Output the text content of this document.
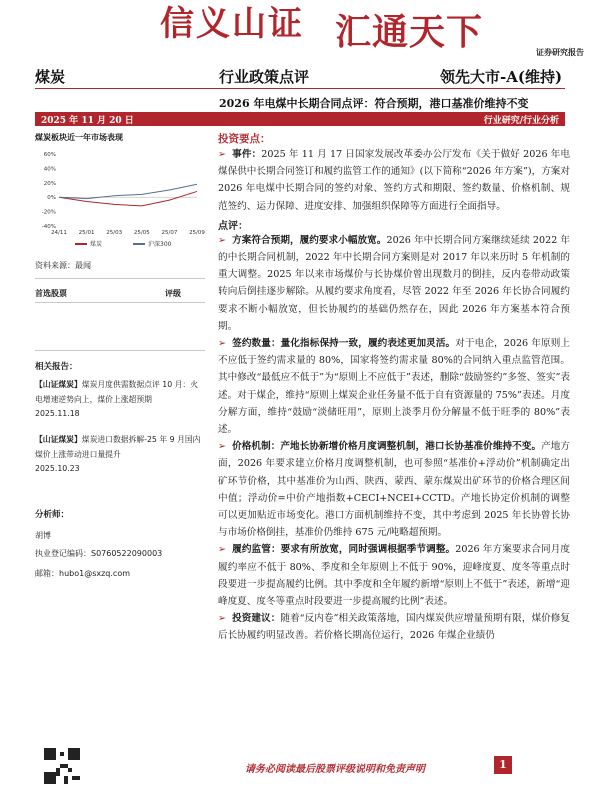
信义山证 汇通天下	证券研究报告
煤炭	行业政策点评	领先大市-A(维持)
2026 年电煤中长期合同点评：符合预期，港口基准价维持不变
2025 年 11 月 20 日	行业研究/行业分析
煤炭板块近一年市场表现
60%
40%
20%
0%
-20%
-40%
24/11 25/01 25/03 25/05 25/07 25/09
煤炭	沪深300
资料来源：最闻
首选股票	评级
相关报告：
【山证煤炭】煤炭月度供需数据点评 10 月：火电增速逆势向上，煤价上涨超预期
2025.11.18
【山证煤炭】煤炭进口数据拆解-25 年 9 月国内煤价上涨带动进口量提升
2025.10.23
分析师：
胡博
执业登记编码：S0760522090003
邮箱：hubo1@sxzq.com
投资要点：

➢ 事件：2025 年 11 月 17 日国家发展改革委办公厅发布《关于做好 2026 年电煤保供中长期合同签订和履约监管工作的通知》(以下简称“2026 年方案”)，方案对 2026 年电煤中长期合同的签约对象、签约方式和期限、签约数量、价格机制、规范签约、运力保障、进度安排、加强组织保障等方面进行全面指导。

点评：

➢ 方案符合预期，履约要求小幅放宽。2026 年中长期合同方案继续延续 2022 年的中长期合同机制，2022 年中长期合同方案则是对 2017 年以来历时 5 年机制的重大调整。2025 年以来市场煤价与长协煤价曾出现数月的倒挂，反内卷带动政策转向后倒挂逐步解除。从履约要求角度看，尽管 2022 年至 2026 年长协合同履约要求不断小幅放宽，但长协履约的基础仍然存在，因此 2026 年方案基本符合预期。

➢ 签约数量：量化指标保持一致，履约表述更加灵活。对于电企，2026 年原则上不应低于签约需求量的 80%，国家将签约需求量 80%的合同纳入重点监管范围。其中修改“最低应不低于”为“原则上不应低于”表述，删除“鼓励签约”多签、签实”表述。对于煤企，维持“原则上煤炭企业任务量不低于自有资源量的 75%”表述。月度分解方面，维持“鼓励“淡储旺用”，原则上淡季月份分解量不低于旺季的 80%”表述。

➢ 价格机制：产地长协新增价格月度调整机制，港口长协基准价维持不变。产地方面，2026 年要求建立价格月度调整机制，也可参照“基准价+浮动价”机制确定出矿环节价格，其中基准价为山西、陕西、蒙西、蒙东煤炭出矿环节的价格合理区间中值；浮动价=中价产地指数+CECI+NCEI+CCTD。产地长协定价机制的调整可以更加贴近市场变化。港口方面机制维持不变，其中考虑到 2025 年长协曾长协与市场价格倒挂，基准价仍维持 675 元/吨略超预期。

➢ 履约监管：要求有所放宽，同时强调根据季节调整。2026 年方案要求合同月度履约率应不低于 80%、季度和全年原则上不低于 90%，迎峰度夏、度冬等重点时段要进一步提高履约比例。其中季度和全年履约新增“原则上不低于”表述，新增“迎峰度夏、度冬等重点时段要进一步提高履约比例”表述。

➢ 投资建议：随着“反内卷”相关政策落地，国内煤炭供应增量预期有限，煤价修复后长协履约明显改善。若价格长期高位运行，2026 年煤企业绩仍

请务必阅读最后股票评级说明和免责声明	1
